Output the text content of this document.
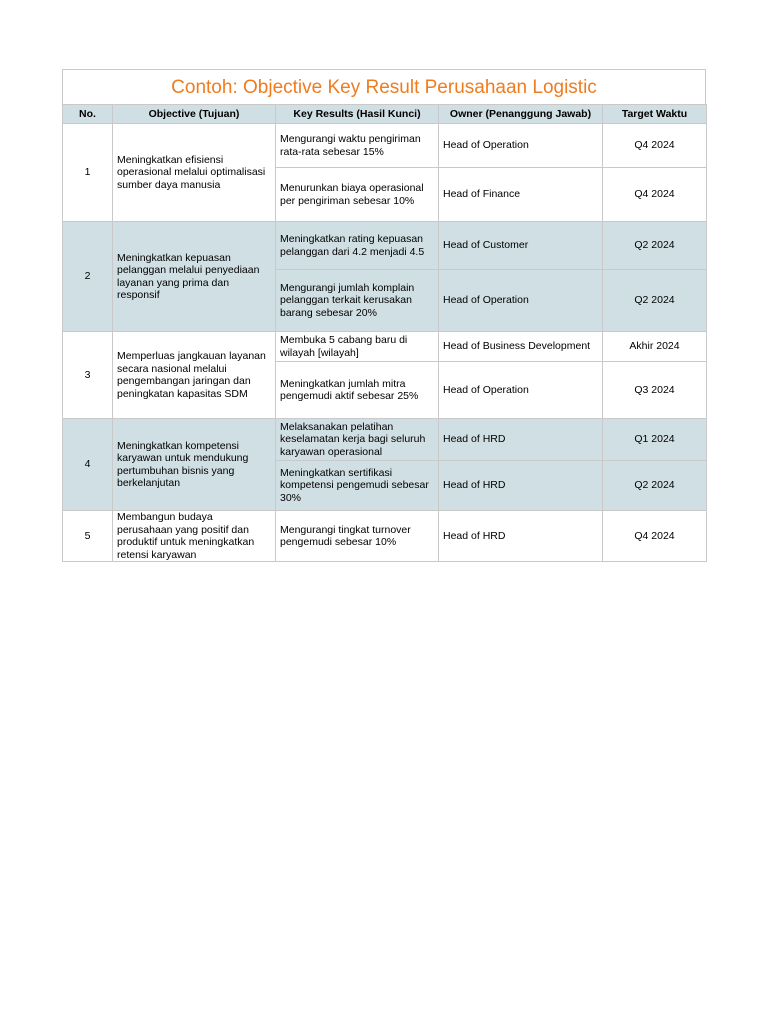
Contoh: Objective Key Result Perusahaan Logistic
No.	Objective (Tujuan)	Key Results (Hasil Kunci)	Owner (Penanggung Jawab)	Target Waktu
1	Meningkatkan efisiensi operasional melalui optimalisasi sumber daya manusia	Mengurangi waktu pengiriman rata-rata sebesar 15%	Head of Operation	Q4 2024
		Menurunkan biaya operasional per pengiriman sebesar 10%	Head of Finance	Q4 2024
2	Meningkatkan kepuasan pelanggan melalui penyediaan layanan yang prima dan responsif	Meningkatkan rating kepuasan pelanggan dari 4.2 menjadi 4.5	Head of Customer	Q2 2024
		Mengurangi jumlah komplain pelanggan terkait kerusakan barang sebesar 20%	Head of Operation	Q2 2024
3	Memperluas jangkauan layanan secara nasional melalui pengembangan jaringan dan peningkatan kapasitas SDM	Membuka 5 cabang baru di wilayah [wilayah]	Head of Business Development	Akhir 2024
		Meningkatkan jumlah mitra pengemudi aktif sebesar 25%	Head of Operation	Q3 2024
4	Meningkatkan kompetensi karyawan untuk mendukung pertumbuhan bisnis yang berkelanjutan	Melaksanakan pelatihan keselamatan kerja bagi seluruh karyawan operasional	Head of HRD	Q1 2024
		Meningkatkan sertifikasi kompetensi pengemudi sebesar 30%	Head of HRD	Q2 2024
5	Membangun budaya perusahaan yang positif dan produktif untuk meningkatkan retensi karyawan	Mengurangi tingkat turnover pengemudi sebesar 10%	Head of HRD	Q4 2024
